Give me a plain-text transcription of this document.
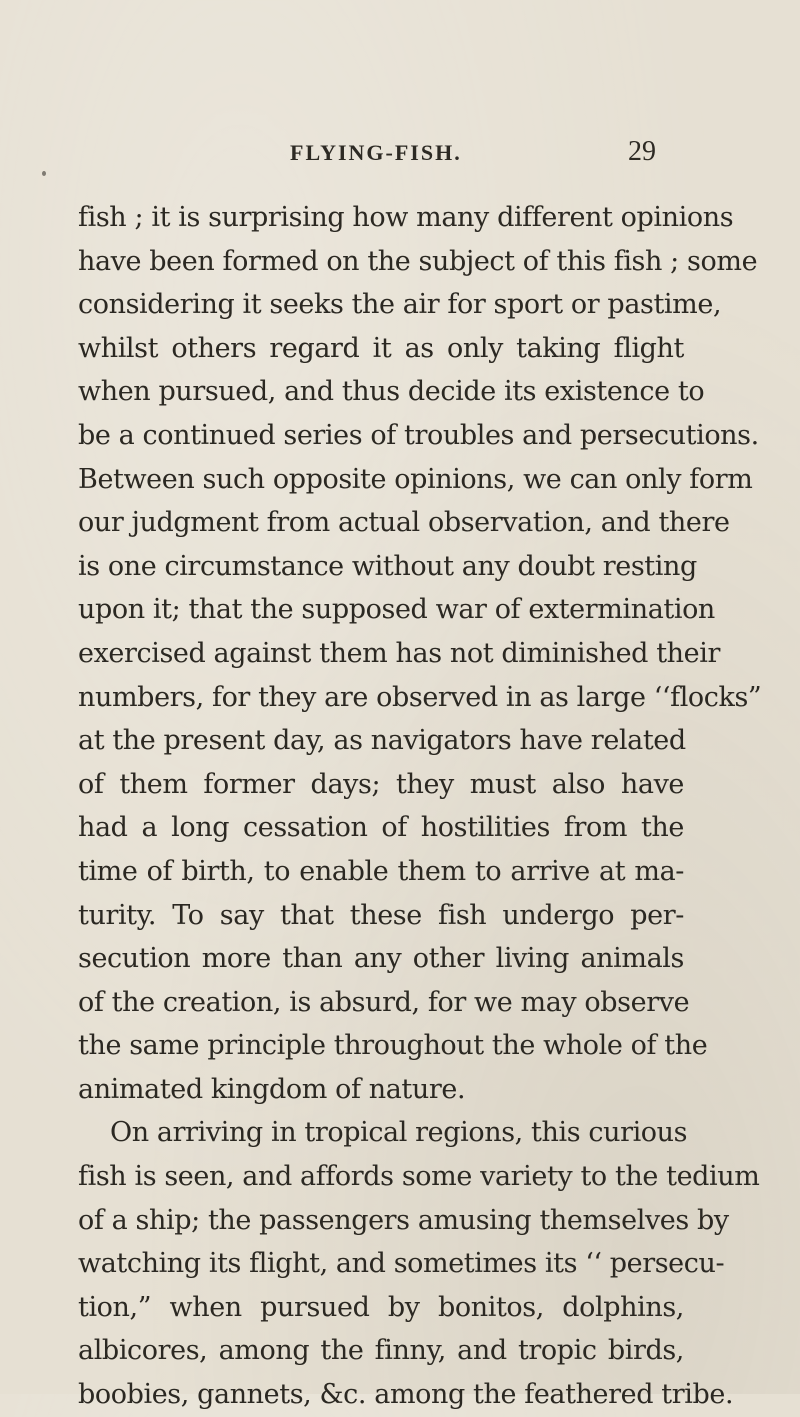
FLYING-FISH.	29
fish ; it is surprising how many different opinions
have been formed on the subject of this fish ; some
considering it seeks the air for sport or pastime,
whilst others regard it as only taking flight
when pursued, and thus decide its existence to
be a continued series of troubles and persecutions.
Between such opposite opinions, we can only form
our judgment from actual observation, and there
is one circumstance without any doubt resting
upon it; that the supposed war of extermination
exercised against them has not diminished their
numbers, for they are observed in as large ‘‘flocks”
at the present day, as navigators have related
of them former days; they must also have
had a long cessation of hostilities from the
time of birth, to enable them to arrive at ma-
turity. To say that these fish undergo per-
secution more than any other living animals
of the creation, is absurd, for we may observe
the same principle throughout the whole of the
animated kingdom of nature.
On arriving in tropical regions, this curious
fish is seen, and affords some variety to the tedium
of a ship; the passengers amusing themselves by
watching its flight, and sometimes its ‘‘ persecu-
tion,” when pursued by bonitos, dolphins,
albicores, among the finny, and tropic birds,
boobies, gannets, &c. among the feathered tribe.
